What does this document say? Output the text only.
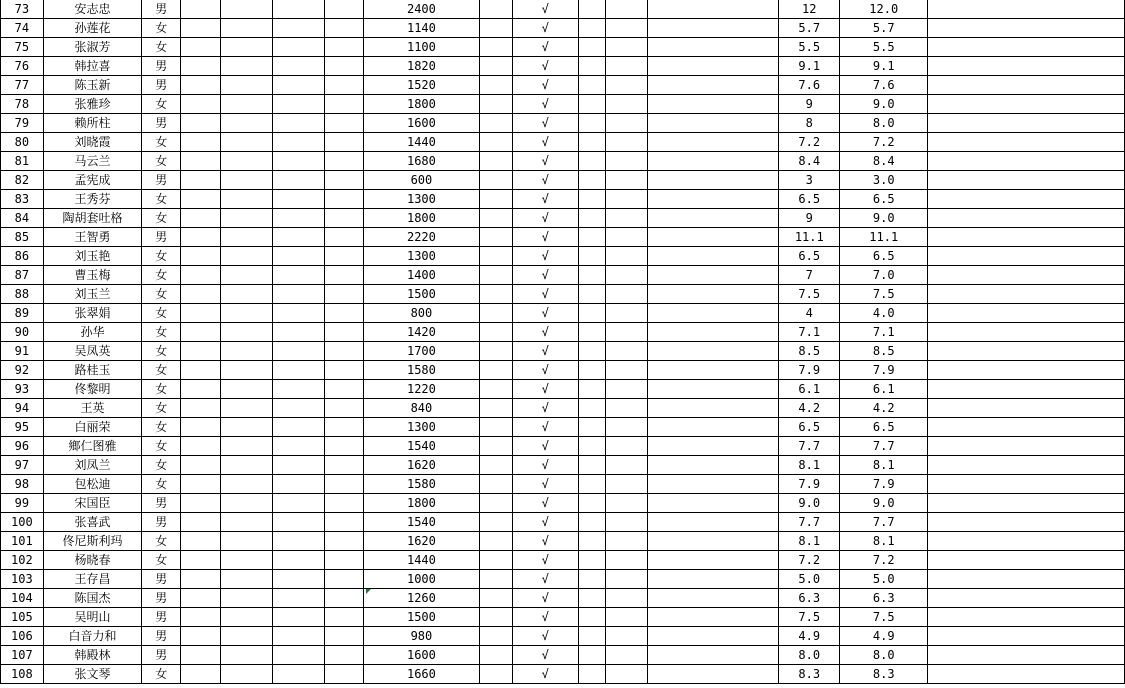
73	安志忠	男					2400		√				12	12.0	
74	孙莲花	女					1140		√				5.7	5.7	
75	张淑芳	女					1100		√				5.5	5.5	
76	韩拉喜	男					1820		√				9.1	9.1	
77	陈玉新	男					1520		√				7.6	7.6	
78	张雅珍	女					1800		√				9	9.0	
79	赖所柱	男					1600		√				8	8.0	
80	刘晓霞	女					1440		√				7.2	7.2	
81	马云兰	女					1680		√				8.4	8.4	
82	孟宪成	男					600		√				3	3.0	
83	王秀芬	女					1300		√				6.5	6.5	
84	陶胡套吐格	女					1800		√				9	9.0	
85	王智勇	男					2220		√				11.1	11.1	
86	刘玉艳	女					1300		√				6.5	6.5	
87	曹玉梅	女					1400		√				7	7.0	
88	刘玉兰	女					1500		√				7.5	7.5	
89	张翠娟	女					800		√				4	4.0	
90	孙华	女					1420		√				7.1	7.1	
91	吴凤英	女					1700		√				8.5	8.5	
92	路桂玉	女					1580		√				7.9	7.9	
93	佟黎明	女					1220		√				6.1	6.1	
94	王英	女					840		√				4.2	4.2	
95	白丽荣	女					1300		√				6.5	6.5	
96	鄉仁图雅	女					1540		√				7.7	7.7	
97	刘凤兰	女					1620		√				8.1	8.1	
98	包松迪	女					1580		√				7.9	7.9	
99	宋国臣	男					1800		√				9.0	9.0	
100	张喜武	男					1540		√				7.7	7.7	
101	佟尼斯利玛	女					1620		√				8.1	8.1	
102	杨晓春	女					1440		√				7.2	7.2	
103	王存昌	男					1000		√				5.0	5.0	
104	陈国杰	男					1260		√				6.3	6.3	
105	吴明山	男					1500		√				7.5	7.5	
106	白音力和	男					980		√				4.9	4.9	
107	韩殿林	男					1600		√				8.0	8.0	
108	张文琴	女					1660		√				8.3	8.3	
